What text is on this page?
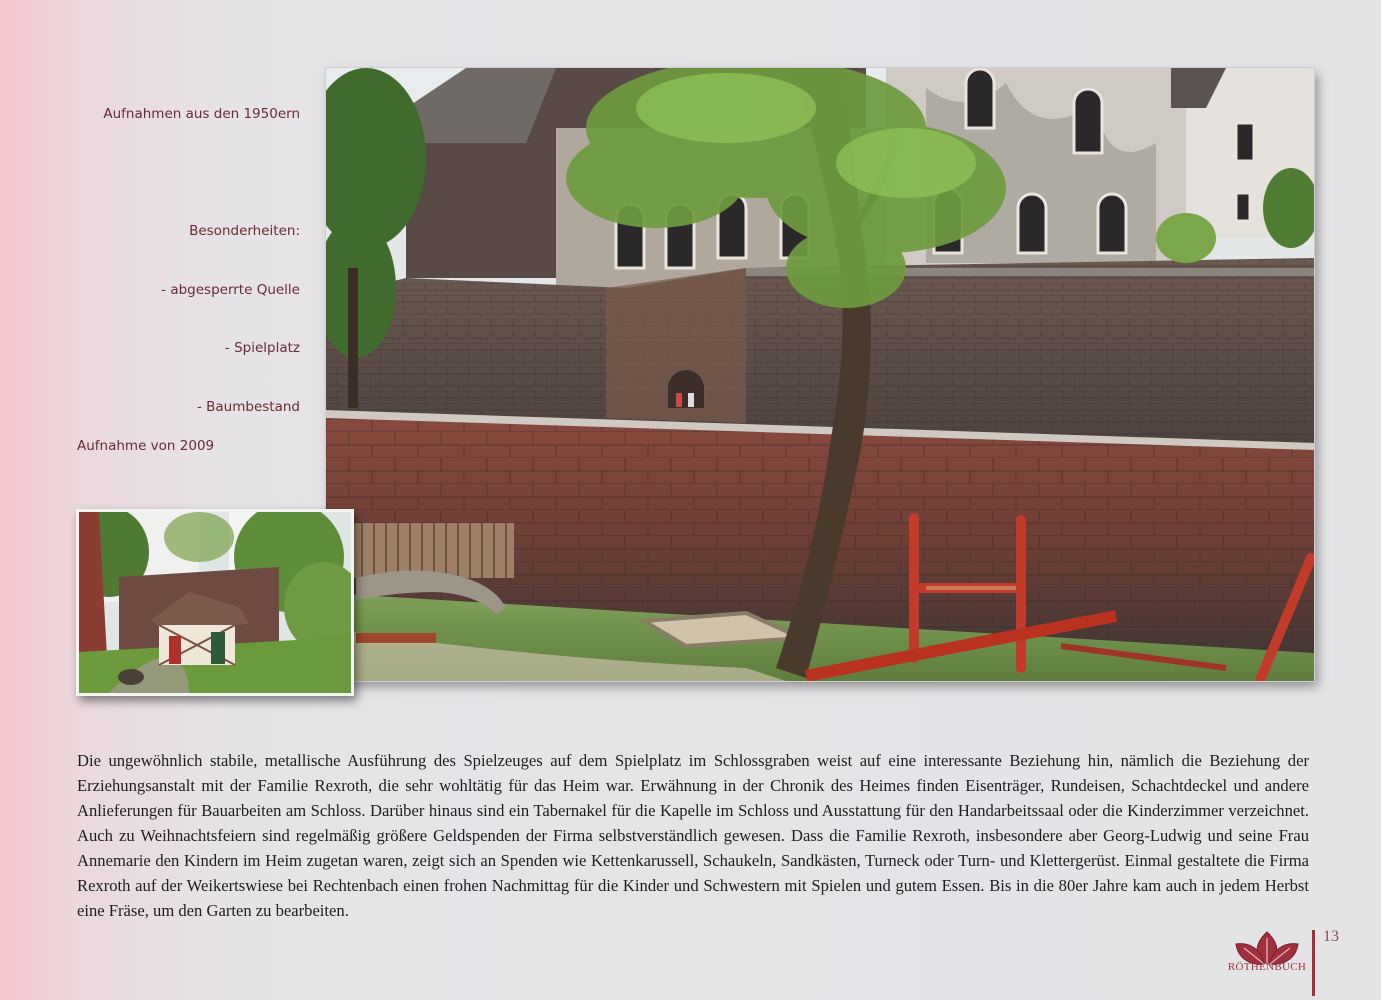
Aufnahmen aus den 1950ern

Besonderheiten:

- abgesperrte Quelle

- Spielplatz

- Baumbestand

Aufnahme von 2009

Die ungewöhnlich stabile, metallische Ausführung des Spielzeuges auf dem Spielplatz im Schlossgraben weist auf eine interessante Beziehung hin, nämlich die Beziehung der Erziehungsanstalt mit der Familie Rexroth, die sehr wohltätig für das Heim war. Erwähnung in der Chronik des Heimes finden Eisenträger, Rundeisen, Schachtdeckel und andere Anlieferungen für Bauarbeiten am Schloss. Darüber hinaus sind ein Tabernakel für die Kapelle im Schloss und Ausstattung für den Handarbeitssaal oder die Kinderzimmer verzeichnet. Auch zu Weihnachtsfeiern sind regelmäßig größere Geldspenden der Firma selbstverständlich gewesen. Dass die Familie Rexroth, insbesondere aber Georg-Ludwig und seine Frau Annemarie den Kindern im Heim zugetan waren, zeigt sich an Spenden wie Kettenkarussell, Schaukeln, Sandkästen, Turneck oder Turn- und Klettergerüst. Einmal gestaltete die Firma Rexroth auf der Weikertswiese bei Rechtenbach einen frohen Nachmittag für die Kinder und Schwestern mit Spielen und gutem Essen. Bis in die 80er Jahre kam auch in jedem Herbst eine Fräse, um den Garten zu bearbeiten.
RÖTHENBUCH
13
